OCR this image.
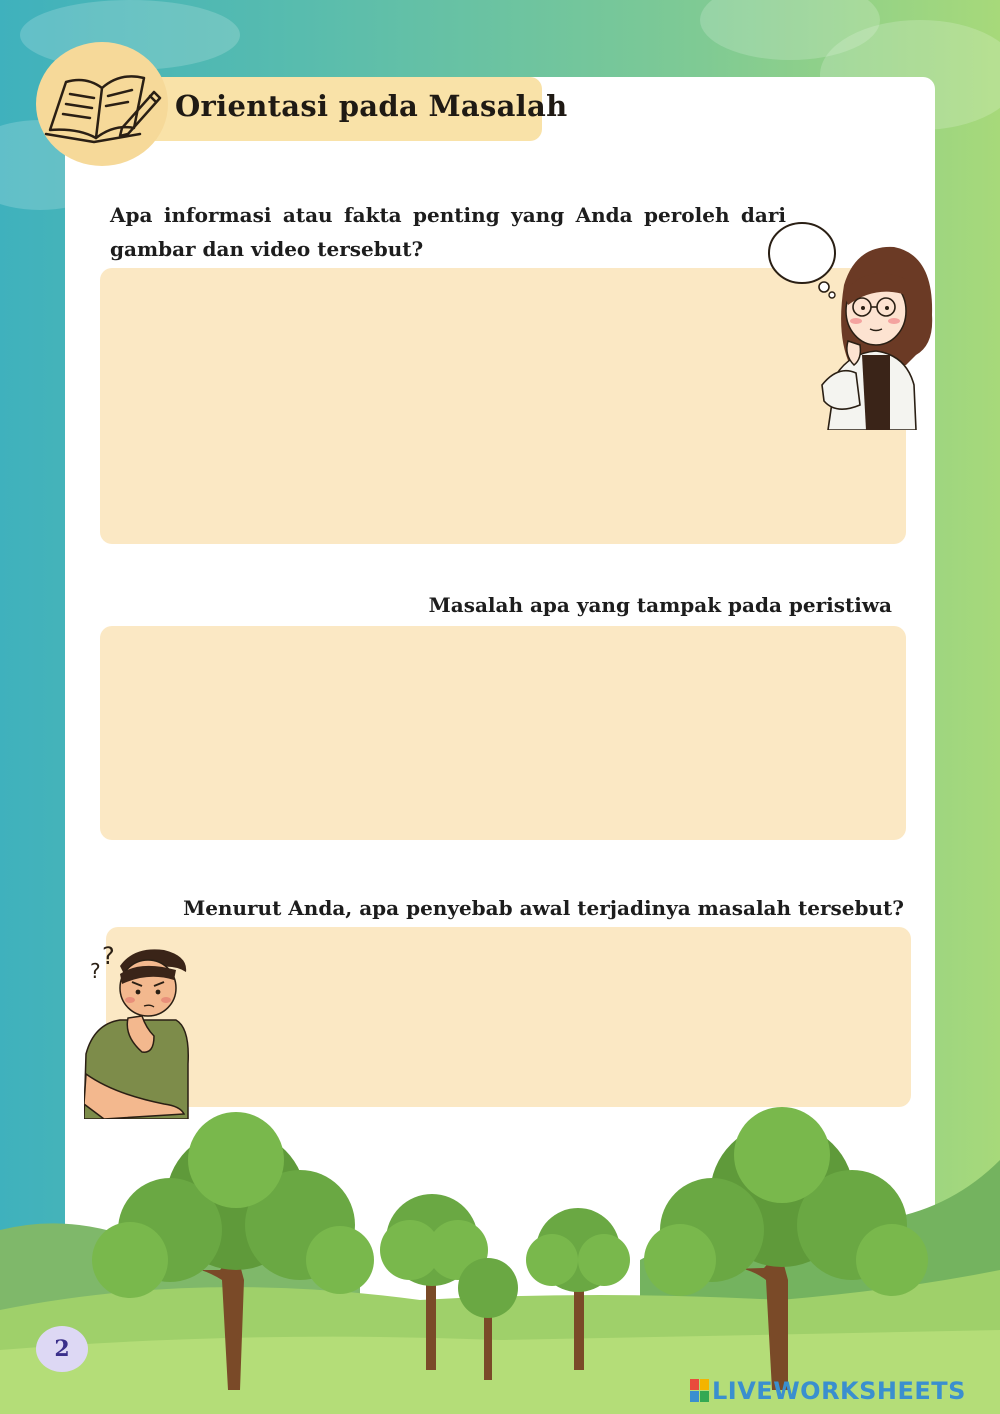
Orientasi pada Masalah
Apa informasi atau fakta penting yang Anda peroleh dari gambar dan video tersebut?
Masalah apa yang tampak pada peristiwa
Menurut Anda, apa penyebab awal terjadinya masalah tersebut?
?
?
2
LIVEWORKSHEETS
